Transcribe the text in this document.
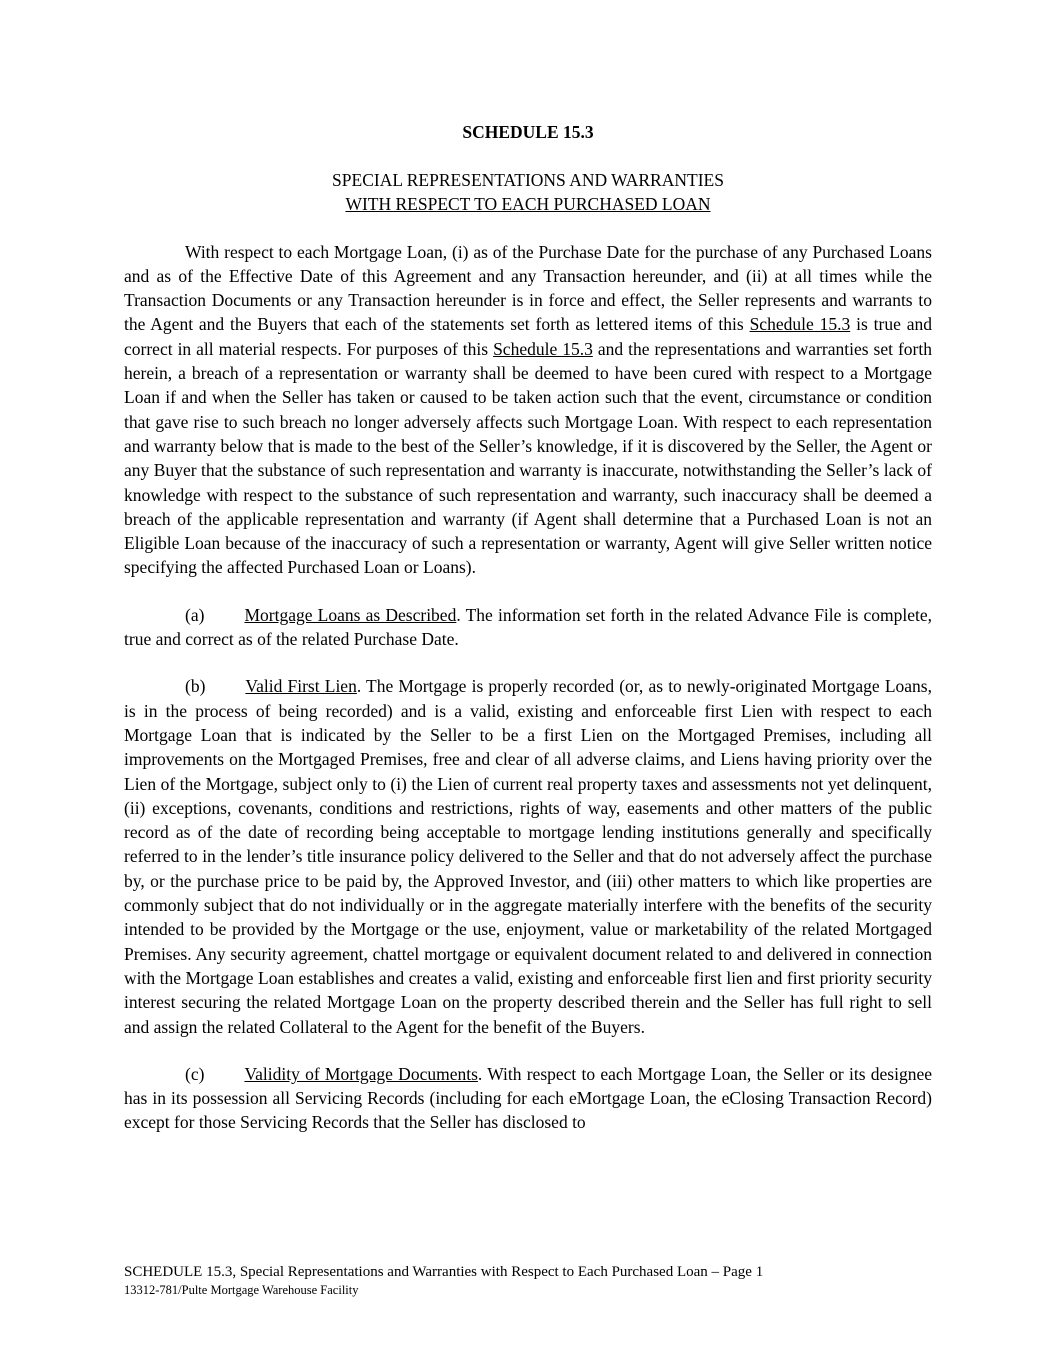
SCHEDULE 15.3
SPECIAL REPRESENTATIONS AND WARRANTIES
WITH RESPECT TO EACH PURCHASED LOAN

With respect to each Mortgage Loan, (i) as of the Purchase Date for the purchase of any Purchased Loans and as of the Effective Date of this Agreement and any Transaction hereunder, and (ii) at all times while the Transaction Documents or any Transaction hereunder is in force and effect, the Seller represents and warrants to the Agent and the Buyers that each of the statements set forth as lettered items of this Schedule 15.3 is true and correct in all material respects. For purposes of this Schedule 15.3 and the representations and warranties set forth herein, a breach of a representation or warranty shall be deemed to have been cured with respect to a Mortgage Loan if and when the Seller has taken or caused to be taken action such that the event, circumstance or condition that gave rise to such breach no longer adversely affects such Mortgage Loan. With respect to each representation and warranty below that is made to the best of the Seller’s knowledge, if it is discovered by the Seller, the Agent or any Buyer that the substance of such representation and warranty is inaccurate, notwithstanding the Seller’s lack of knowledge with respect to the substance of such representation and warranty, such inaccuracy shall be deemed a breach of the applicable representation and warranty (if Agent shall determine that a Purchased Loan is not an Eligible Loan because of the inaccuracy of such a representation or warranty, Agent will give Seller written notice specifying the affected Purchased Loan or Loans).

(a) Mortgage Loans as Described. The information set forth in the related Advance File is complete, true and correct as of the related Purchase Date.

(b) Valid First Lien. The Mortgage is properly recorded (or, as to newly-originated Mortgage Loans, is in the process of being recorded) and is a valid, existing and enforceable first Lien with respect to each Mortgage Loan that is indicated by the Seller to be a first Lien on the Mortgaged Premises, including all improvements on the Mortgaged Premises, free and clear of all adverse claims, and Liens having priority over the Lien of the Mortgage, subject only to (i) the Lien of current real property taxes and assessments not yet delinquent, (ii) exceptions, covenants, conditions and restrictions, rights of way, easements and other matters of the public record as of the date of recording being acceptable to mortgage lending institutions generally and specifically referred to in the lender’s title insurance policy delivered to the Seller and that do not adversely affect the purchase by, or the purchase price to be paid by, the Approved Investor, and (iii) other matters to which like properties are commonly subject that do not individually or in the aggregate materially interfere with the benefits of the security intended to be provided by the Mortgage or the use, enjoyment, value or marketability of the related Mortgaged Premises. Any security agreement, chattel mortgage or equivalent document related to and delivered in connection with the Mortgage Loan establishes and creates a valid, existing and enforceable first lien and first priority security interest securing the related Mortgage Loan on the property described therein and the Seller has full right to sell and assign the related Collateral to the Agent for the benefit of the Buyers.

(c) Validity of Mortgage Documents. With respect to each Mortgage Loan, the Seller or its designee has in its possession all Servicing Records (including for each eMortgage Loan, the eClosing Transaction Record) except for those Servicing Records that the Seller has disclosed to

SCHEDULE 15.3, Special Representations and Warranties with Respect to Each Purchased Loan – Page 1
13312-781/Pulte Mortgage Warehouse Facility
